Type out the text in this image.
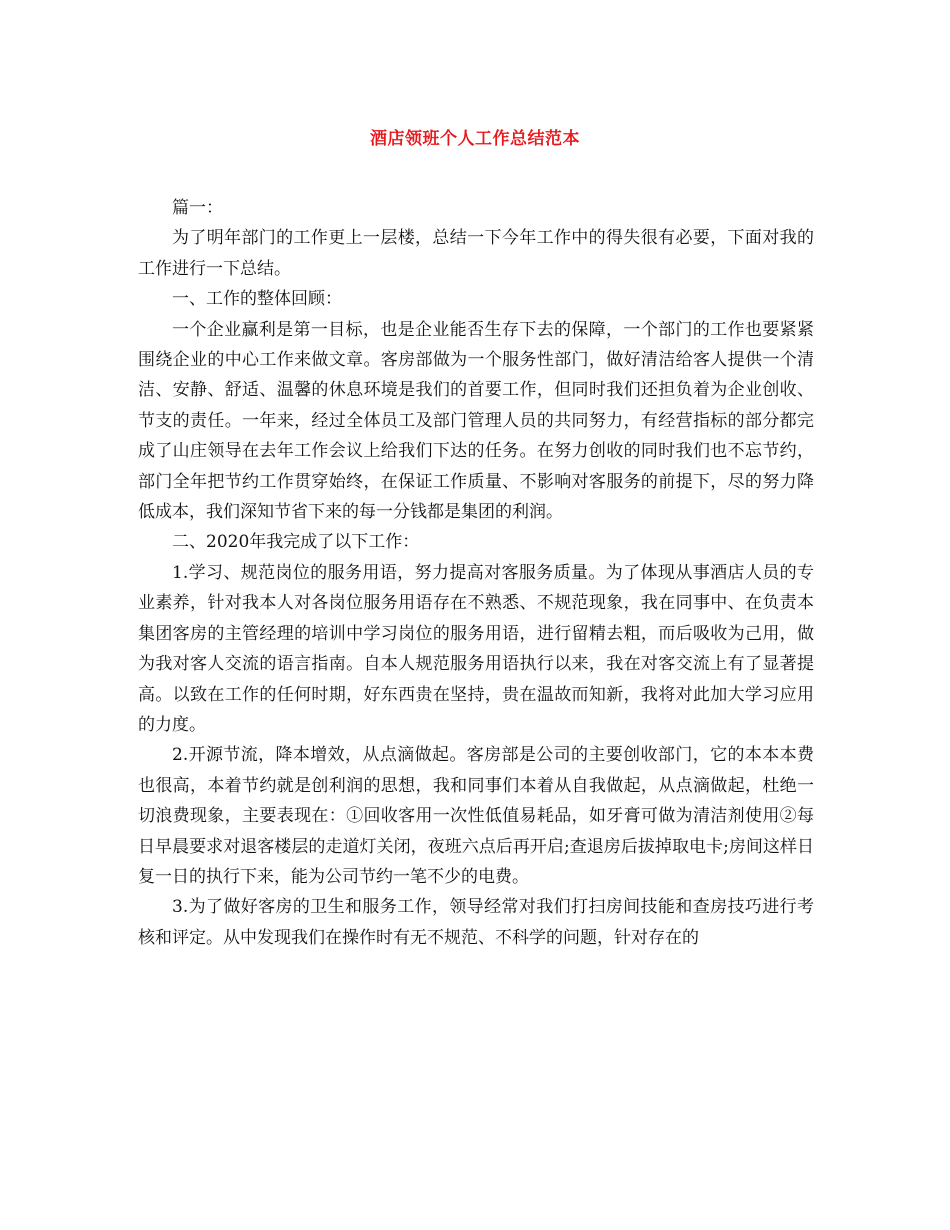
酒店领班个人工作总结范本

篇一：

为了明年部门的工作更上一层楼，总结一下今年工作中的得失很有必要，下面对我的工作进行一下总结。

一、工作的整体回顾：

一个企业赢利是第一目标，也是企业能否生存下去的保障，一个部门的工作也要紧紧围绕企业的中心工作来做文章。客房部做为一个服务性部门，做好清洁给客人提供一个清洁、安静、舒适、温馨的休息环境是我们的首要工作，但同时我们还担负着为企业创收、节支的责任。一年来，经过全体员工及部门管理人员的共同努力，有经营指标的部分都完成了山庄领导在去年工作会议上给我们下达的任务。在努力创收的同时我们也不忘节约，部门全年把节约工作贯穿始终，在保证工作质量、不影响对客服务的前提下，尽的努力降低成本，我们深知节省下来的每一分钱都是集团的利润。

二、2020年我完成了以下工作：

1.学习、规范岗位的服务用语，努力提高对客服务质量。为了体现从事酒店人员的专业素养，针对我本人对各岗位服务用语存在不熟悉、不规范现象，我在同事中、在负责本集团客房的主管经理的培训中学习岗位的服务用语，进行留精去粗，而后吸收为己用，做为我对客人交流的语言指南。自本人规范服务用语执行以来，我在对客交流上有了显著提高。以致在工作的任何时期，好东西贵在坚持，贵在温故而知新，我将对此加大学习应用的力度。

2.开源节流，降本增效，从点滴做起。客房部是公司的主要创收部门，它的本本本费也很高，本着节约就是创利润的思想，我和同事们本着从自我做起，从点滴做起，杜绝一切浪费现象，主要表现在：①回收客用一次性低值易耗品，如牙膏可做为清洁剂使用②每日早晨要求对退客楼层的走道灯关闭，夜班六点后再开启;查退房后拔掉取电卡;房间这样日复一日的执行下来，能为公司节约一笔不少的电费。

3.为了做好客房的卫生和服务工作，领导经常对我们打扫房间技能和查房技巧进行考核和评定。从中发现我们在操作时有无不规范、不科学的问题，针对存在的
